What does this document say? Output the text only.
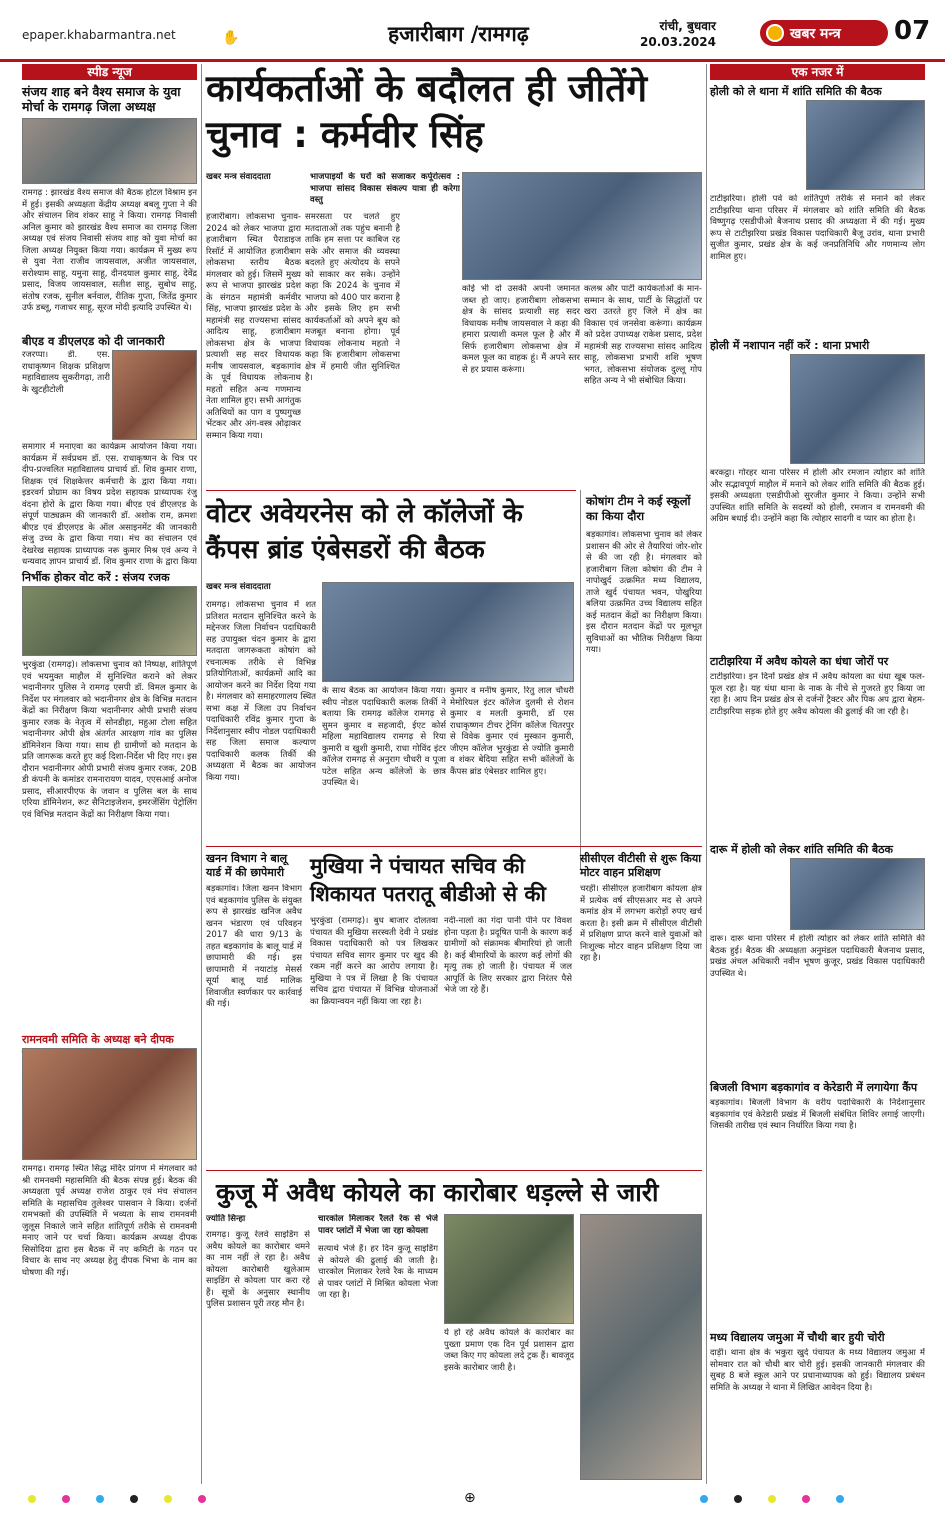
epaper.khabarmantra.net	✋	हजारीबाग /रामगढ़	रांची, बुधवार
20.03.2024
खबर मन्त्र 07
स्पीड न्यूज
संजय शाह बने वैश्य समाज के युवा मोर्चा के रामगढ़ जिला अध्यक्ष
रामगढ़ : झारखंड वैश्य समाज की बैठक होटल विश्राम इन में हुई। इसकी अध्यक्षता केंद्रीय अध्यक्ष बबलू गुप्ता ने की और संचालन शिव शंकर साहू ने किया। रामगढ़ निवासी अनिल कुमार को झारखंड वैश्य समाज का रामगढ़ जिला अध्यक्ष एवं संजय निवासी संजय शाह को युवा मोर्चा का जिला अध्यक्ष नियुक्त किया गया। कार्यक्रम में मुख्य रूप से युवा नेता राजीव जायसवाल, अजीत जायसवाल, सरोश्याम साहू, यमुना साहू, दीनदयाल कुमार साहू, देवेंद्र प्रसाद, विजय जायसवाल, सतीश साहू, सुबोध साहू, संतोष रजक, सुनील बर्नवाल, रीतिक गुप्ता, जितेंद्र कुमार उर्फ डब्लू, गजाधर साहू, सूरज मोदी इत्यादि उपस्थित थे।
बीएड व डीएलएड को दी जानकारी
रजरप्पा। डी. एस. राधाकृष्णन शिक्षक प्रशिक्षण महाविद्यालय सुकरीगढ़ा, तारी के खुटहीटोली
समागार में मनाएवा का कार्यक्रम आयोजन किया गया। कार्यक्रम में सर्वप्रथम डॉ. एस. राधाकृष्णन के चित्र पर दीप-प्रज्वलित महाविद्यालय प्राचार्य डॉ. शिव कुमार राणा, शिक्षक एवं शिक्षकेत्तर कर्मचारी के द्वारा किया गया। इडरवर्ग प्रोग्राम का विषय प्रदेश सहायक प्राध्यापक रंजु वंदना होरो के द्वारा किया गया। बीएड एवं डीएलएड के संपूर्ण पाठ्यक्रम की जानकारी डॉ. अशोक राम, क्रमशः बीएड एवं डीएलएड के ऑल असाइनमेंट की जानकारी संजु उच्च के द्वारा किया गया। मंच का संचालन एवं देखरेख सहायक प्राध्यापक नरू कुमार मिश्र एवं अन्य ने धन्यवाद ज्ञापन प्राचार्य डॉ. शिव कुमार राणा के द्वारा किया
निर्भीक होकर वोट करें : संजय रजक
भुरकुंडा (रामगढ़)। लोकसभा चुनाव को निष्पक्ष, शांतिपूर्ण एवं भयमुक्त माहौल में सुनिश्चित कराने को लेकर भदानीनगर पुलिस ने रामगढ़ एसपी डॉ. विमल कुमार के निर्देश पर मंगलवार को भदानीनगर क्षेत्र के विभिन्न मतदान केंद्रों का निरीक्षण किया भदानीनगर ओपी प्रभारी संजय कुमार रजक के नेतृत्व में सोनडीहा, महुआ टोला सहित भदानीनगर ओपी क्षेत्र अंतर्गत आरक्षण गांव का पुलिस डॉमिनेशन किया गया। साथ ही ग्रामीणों को मतदान के प्रति जागरूक करते हुए कई दिशा-निर्देश भी दिए गए। इस दौरान भदानीनगर ओपी प्रभारी संजय कुमार रजक, 20B डी कंपनी के कमांडर रामनारायण यादव, एएसआई अनोज प्रसाद, सीआरपीएफ के जवान व पुलिस बल के साथ एरिया डॉमिनेशन, रूट सैनिटाइजेशन, इमरजेंसिंग पेट्रोलिंग एवं विभिन्न मतदान केंद्रों का निरीक्षण किया गया।
रामनवमी समिति के अध्यक्ष बने दीपक
रामगढ़। रामगढ़ स्थित सिद्ध मंदिर प्रांगण में मंगलवार को श्री रामनवमी महासमिति की बैठक संपन्न हुई। बैठक की अध्यक्षता पूर्व अध्यक्ष राजेश ठाकुर एवं मंच संचालन समिति के महासचिव तुलेश्वर पासवान ने किया। दर्जनों रामभक्तों की उपस्थिति में भव्यता के साथ रामनवमी जुलूस निकाले जाने सहित शांतिपूर्ण तरीके से रामनवमी मनाए जाने पर चर्चा किया। कार्यक्रम अध्यक्ष दीपक सिसोदिया द्वारा इस बैठक में नए कमिटी के गठन पर विचार के साथ नए अध्यक्ष हेतु दीपक भिभा के नाम का घोषणा की गई।
कार्यकर्ताओं के बदौलत ही जीतेंगे चुनाव : कर्मवीर सिंह
खबर मन्त्र संवाददाता	भाजपाइयों के घरों को सजाकर कर्पूरोत्सव : भाजपा सांसद विकास संकल्प यात्रा ही करेगा वस्तु
हजारीबाग। लोकसभा चुनाव- 2024 को लेकर भाजपा द्वारा हजारीबाग स्थित पैराडाइज रिसॉर्ट में आयोजित हजारीबाग लोकसभा स्तरीय बैठक मंगलवार को हुई। जिसमें मुख्य रूप से भाजपा झारखंड प्रदेश के संगठन महामंत्री कर्मवीर सिंह, भाजपा झारखंड प्रदेश के महामंत्री सह राज्यसभा सांसद आदित्य साहू, हजारीबाग लोकसभा क्षेत्र के भाजपा प्रत्याशी सह सदर विधायक मनीष जायसवाल, बड़कागांव के पूर्व विधायक लोकनाथ महतो सहित अन्य गणमान्य नेता शामिल हुए। सभी आगंतुक अतिथियों का पाग व पुष्पगुच्छ भेंटकर और अंग-वस्त्र ओढ़ाकर सम्मान किया गया।
समरसता पर चलते हुए मतदाताओं तक पहुंच बनानी है ताकि हम सत्ता पर काबिज रह सके और समाज की व्यवस्था बदलते हुए अंत्योदय के सपने को साकार कर सके। उन्होंने कहा कि 2024 के चुनाव में भाजपा को 400 पार कराना है और इसके लिए हम सभी कार्यकर्ताओं को अपने बूथ को मजबूत बनाना होगा। पूर्व विधायक लोकनाथ महतो ने कहा कि हजारीबाग लोकसभा क्षेत्र में हमारी जीत सुनिश्चित है।
कोई भी दो उसकी अपनी जमानत जब्त हो जाए। हजारीबाग लोकसभा क्षेत्र के सांसद प्रत्याशी सह सदर विधायक मनीष जायसवाल ने कहा की हमारा प्रत्याशी कमल फूल है और मैं सिर्फ हजारीबाग लोकसभा क्षेत्र में कमल फूल का वाहक हूं। मैं अपने स्तर से हर प्रयास करूंगा।
कलश्र और पार्टी कार्यकर्ताओं के मान- सम्मान के साथ, पार्टी के सिद्धांतों पर खरा उतरते हुए जिले में क्षेत्र का विकास एवं जनसेवा करूंगा। कार्यक्रम को प्रदेश उपाध्यक्ष राकेश प्रसाद, प्रदेश महामंत्री सह राज्यसभा सांसद आदित्य साहू, लोकसभा प्रभारी शशि भूषण भगत, लोकसभा संयोजक दुल्लू गोप सहित अन्य ने भी संबोधित किया।
वोटर अवेयरनेस को ले कॉलेजों के कैंपस ब्रांड एंबेसडरों की बैठक
खबर मन्त्र संवाददाता
रामगढ़। लोकसभा चुनाव में शत प्रतिशत मतदान सुनिश्चित करने के मद्देनजर जिला निर्वाचन पदाधिकारी सह उपायुक्त चंदन कुमार के द्वारा मतदाता जागरूकता कोषांग को रचनात्मक तरीके से विभिन्न प्रतियोगिताओं, कार्यक्रमों आदि का आयोजन करने का निर्देश दिया गया है। मंगलवार को समाहरणालय स्थित सभा कक्ष में जिला उप निर्वाचन पदाधिकारी रविंद्र कुमार गुप्ता के निर्देशानुसार स्वीप नोडल पदाधिकारी सह जिला समाज कल्याण पदाधिकारी कलक तिर्की की अध्यक्षता में बैठक का आयोजन किया गया।
के साथ बैठक का आयोजन किया गया। स्वीप नोडल पदाधिकारी कलक तिर्की ने बताया कि रामगढ़ कॉलेज रामगढ़ से सुमन कुमार व सहजादी, ईएट कोर्स महिला महाविद्यालय रामगढ़ से रिया कुमारी व खुशी कुमारी, राधा गोविंद इंटर कॉलेज रामगढ़ से अनुराग चौधरी व पूजा पटेल सहित अन्य कॉलेजों के छात्र उपस्थित थे।
कुमार व मनीष कुमार, रितु लाल चौधरी मेमोरियल इंटर कॉलेज दुलमी से रोशन कुमार व मलती कुमारी, डॉ एस राधाकृष्णन टीचर ट्रेनिंग कॉलेज चितरपुर से विवेक कुमार एवं मुस्कान कुमारी, जीएम कॉलेज भुरकुंडा से ज्योति कुमारी व शंकर बेदिया सहित सभी कॉलेजों के कैंपस ब्रांड एंबेसडर शामिल हुए।
कोषांग टीम ने कई स्कूलों का किया दौरा
बड़कागांव। लोकसभा चुनाव को लेकर प्रशासन की ओर से तैयारियां जोर-शोर से की जा रही है। मंगलवार को हजारीबाग जिला कोषांग की टीम ने नापोखुर्द उत्क्रमित मध्य विद्यालय, ताजे खुर्द पंचायत भवन, पोखुरिया बलिया उत्क्रमित उच्च विद्यालय सहित कई मतदान केंद्रों का निरीक्षण किया। इस दौरान मतदान केंद्रों पर मूलभूत सुविधाओं का भौतिक निरीक्षण किया गया।
खनन विभाग ने बालू यार्ड में की छापेमारी
बड़कागांव। जिला खनन विभाग एवं बड़कागांव पुलिस के संयुक्त रूप से झारखंड खनिज अवैध खनन भंडारण एवं परिवहन 2017 की धारा 9/13 के तहत बड़कागांव के बालू यार्ड में छापामारी की गई। इस छापामारी में नयाटांड़ मेसर्स सूर्या बालू यार्ड मालिक शिवाजीत स्वर्णकार पर कार्रवाई की गई।
मुखिया ने पंचायत सचिव की शिकायत पतरातू बीडीओ से की
भुरकुंडा (रामगढ़)। बुध बाजार दोलतवा पंचायत की मुखिया सरस्वती देवी ने प्रखंड विकास पदाधिकारी को पत्र लिखकर पंचायत सचिव सागर कुमार पर खुद की रकम नहीं करने का आरोप लगाया है। मुखिया ने पत्र में लिखा है कि पंचायत सचिव द्वारा पंचायत में विभिन्न योजनाओं का क्रियान्वयन नहीं किया जा रहा है।
नदी-नालों का गंदा पानी पीने पर विवश होना पड़ता है। प्रदूषित पानी के कारण कई ग्रामीणों को संक्रामक बीमारियां हो जाती है। कई बीमारियों के कारण कई लोगों की मृत्यु तक हो जाती है। पंचायत में जल आपूर्ति के लिए सरकार द्वारा निरंतर पैसे भेजे जा रहे हैं।
सीसीएल वीटीसी से शुरू किया मोटर वाहन प्रशिक्षण
चरही। सीसीएल हजारीबाग कोयला क्षेत्र में प्रत्येक वर्ष सीएसआर मद से अपने कमांड क्षेत्र में लगभग करोड़ों रुपए खर्च करता है। इसी क्रम में सीसीएल वीटीसी में प्रशिक्षण प्राप्त करने वाले युवाओं को निःशुल्क मोटर वाहन प्रशिक्षण दिया जा रहा है।
कुजू में अवैध कोयले का कारोबार धड़ल्ले से जारी
ज्योति सिन्हा
रामगढ़। कुजू रेलवे साइडिंग से अवैध कोयले का कारोबार थमने का नाम नहीं ले रहा है। अवैध कोयला कारोबारी खुलेआम साइडिंग से कोयला पार करा रहे हैं। सूत्रों के अनुसार स्थानीय पुलिस प्रशासन पूरी तरह मौन है।
चारकोल मिलाकर रैलते रेक से भेजे पावर प्लांटों में भेजा जा रहा कोयला
सत्यार्थ भेजे हैं। हर दिन कुजू साइडिंग से कोयले की ढुलाई की जाती है। चारकोल मिलाकर रेलवे रैक के माध्यम से पावर प्लांटों में मिश्रित कोयला भेजा जा रहा है।
ये हो रहे अवैध कोयले के कारोबार का पुख्ता प्रमाण एक दिन पूर्व प्रशासन द्वारा जब्त किए गए कोयला लदे ट्रक हैं। बावजूद इसके कारोबार जारी है।
एक नजर में
होली को ले थाना में शांति समिति की बैठक
टाटीझरिया। होली पर्व को शांतिपूर्ण तरीके से मनाने को लेकर टाटीझरिया थाना परिसर में मंगलवार को शांति समिति की बैठक विष्णुगढ़ एसडीपीओ बैजनाथ प्रसाद की अध्यक्षता में की गई। मुख्य रूप से टाटीझरिया प्रखंड विकास पदाधिकारी बैजू उरांव, थाना प्रभारी सुजीत कुमार, प्रखंड क्षेत्र के कई जनप्रतिनिधि और गणमान्य लोग शामिल हुए।
होली में नशापान नहीं करें : थाना प्रभारी
बरकट्ठा। गोरहर थाना परिसर में होली और रमजान त्योहार को शांति और सद्भावपूर्ण माहौल में मनाने को लेकर शांति समिति की बैठक हुई। इसकी अध्यक्षता एसडीपीओ सुरजीत कुमार ने किया। उन्होंने सभी उपस्थित शांति समिति के सदस्यों को होली, रमजान व रामनवमी की अग्रिम बधाई दी। उन्होंने कहा कि त्योहार सादगी व प्यार का होता है।
टाटीझरिया में अवैध कोयले का धंधा जोरों पर
टाटीझरिया। इन दिनों प्रखंड क्षेत्र में अवैध कोयला का धंधा खूब फल-फूल रहा है। यह धंधा थाना के नाक के नीचे से गुजरते हुए किया जा रहा है। आप दिन प्रखंड क्षेत्र से दर्जनों ट्रैक्टर और पिक अप द्वारा बेहम-टाटीझरिया सड़क होते हुए अवैध कोयला की ढुलाई की जा रही है।
दारू में होली को लेकर शांति समिति की बैठक
दारू। दारू थाना परिसर में होली त्योहार को लेकर शांति समिति की बैठक हुई। बैठक की अध्यक्षता अनुमंडल पदाधिकारी बैजनाथ प्रसाद, प्रखंड अंचल अधिकारी नवीन भूषण कुजूर, प्रखंड विकास पदाधिकारी उपस्थित थे।
बिजली विभाग बड़कागांव व केरेडारी में लगायेगा कैंप
बड़कागांव। बिजली विभाग के वरीय पदाधिकारी के निर्देशानुसार बड़कागांव एवं केरेडारी प्रखंड में बिजली संबंधित शिविर लगाई जाएगी। जिसकी तारीख एवं स्थान निर्धारित किया गया है।
मध्य विद्यालय जमुआ में चौथी बार हुयी चोरी
दाड़ी। थाना क्षेत्र के भकुरा खुर्द पंचायत के मध्य विद्यालय जमुआ में सोमवार रात को चौथी बार चोरी हुई। इसकी जानकारी मंगलवार की सुबह 8 बजे स्कूल आने पर प्रधानाध्यापक को हुई। विद्यालय प्रबंधन समिति के अध्यक्ष ने थाना में लिखित आवेदन दिया है।
⊕
